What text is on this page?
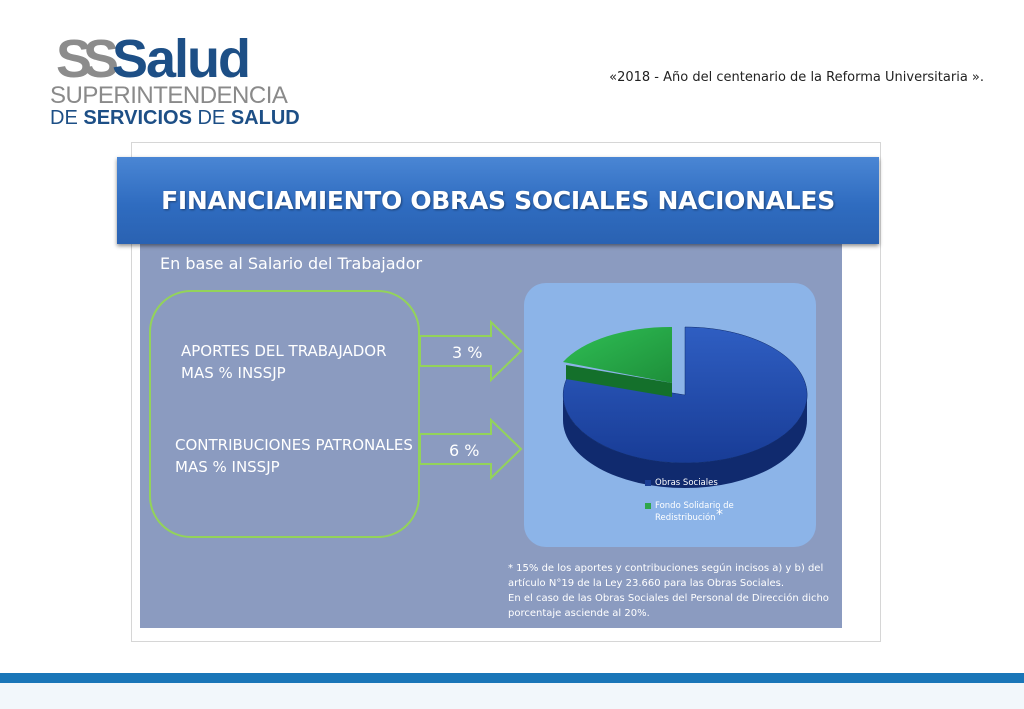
SS Salud
SUPERINTENDENCIA
DE SERVICIOS DE SALUD
«2018 - Año del centenario de la Reforma Universitaria ».
FINANCIAMIENTO OBRAS SOCIALES NACIONALES
En base al Salario del Trabajador
APORTES DEL TRABAJADOR
MAS % INSSJP
CONTRIBUCIONES PATRONALES
MAS % INSSJP
3 %
6 %
Obras Sociales
Fondo Solidario de Redistribución *
* 15% de los aportes y contribuciones según incisos a) y b) del
artículo N°19 de la Ley 23.660 para las Obras Sociales.
En el caso de las Obras Sociales del Personal de Dirección dicho
porcentaje asciende al 20%.
